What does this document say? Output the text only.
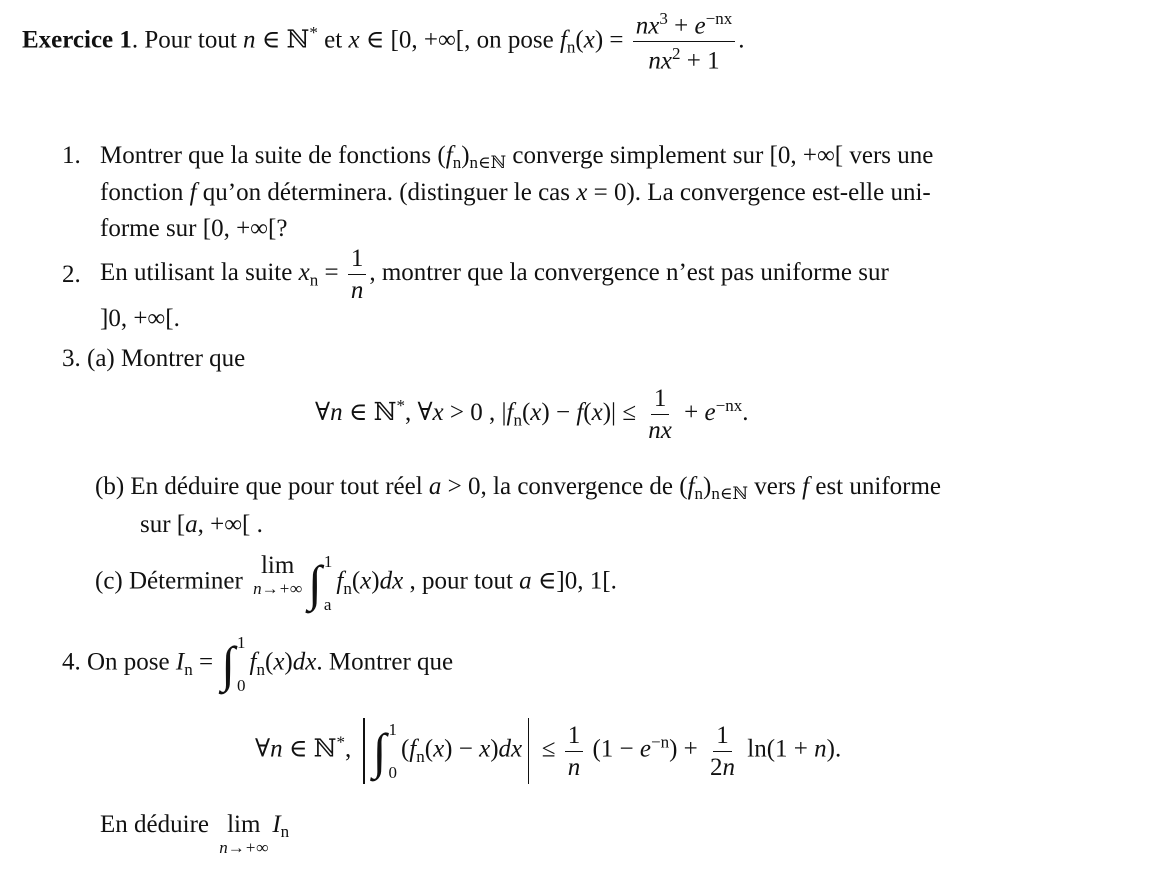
Exercice 1. Pour tout n ∈ ℕ* et x ∈ [0, +∞[, on pose $f_n(x) = \frac{nx^3 + e^{-nx}}{nx^2 + 1}$ .
1. Montrer que la suite de fonctions $(f_n)_{n\in ℕ}$ converge simplement sur [0, +∞[ vers une
fonction f qu’on déterminera. (distinguer le cas x = 0). La convergence est-elle uni-
forme sur [0, +∞[?
2. En utilisant la suite $x_n = \frac{1}{n}$ , montrer que la convergence n’est pas uniforme sur
]0, +∞[.
3. (a) Montrer que
∀n ∈ ℕ*, ∀x > 0 , $|f_n(x) - f(x)| \le \frac{1}{nx} + e^{-nx}$.
(b) En déduire que pour tout réel a > 0, la convergence de $(f_n)_{n\in ℕ}$ vers f est uniforme
sur [a, +∞[ .
(c) Déterminer
lim
n→+∞ ∫ 1
a
$f_n(x)dx$ , pour tout a ∈]0, 1[.
4. On pose $I_n$ = ∫ 1
0
$f_n(x)dx$. Montrer que
∀n ∈ ℕ*, ∫ 1
0
$(f_n(x) - x)dx \le \frac{1}{n} (1 - e^{-n}) + \frac{1}{2n} \ln(1 + n)$.
En déduire lim
n→+∞
$I_n$
